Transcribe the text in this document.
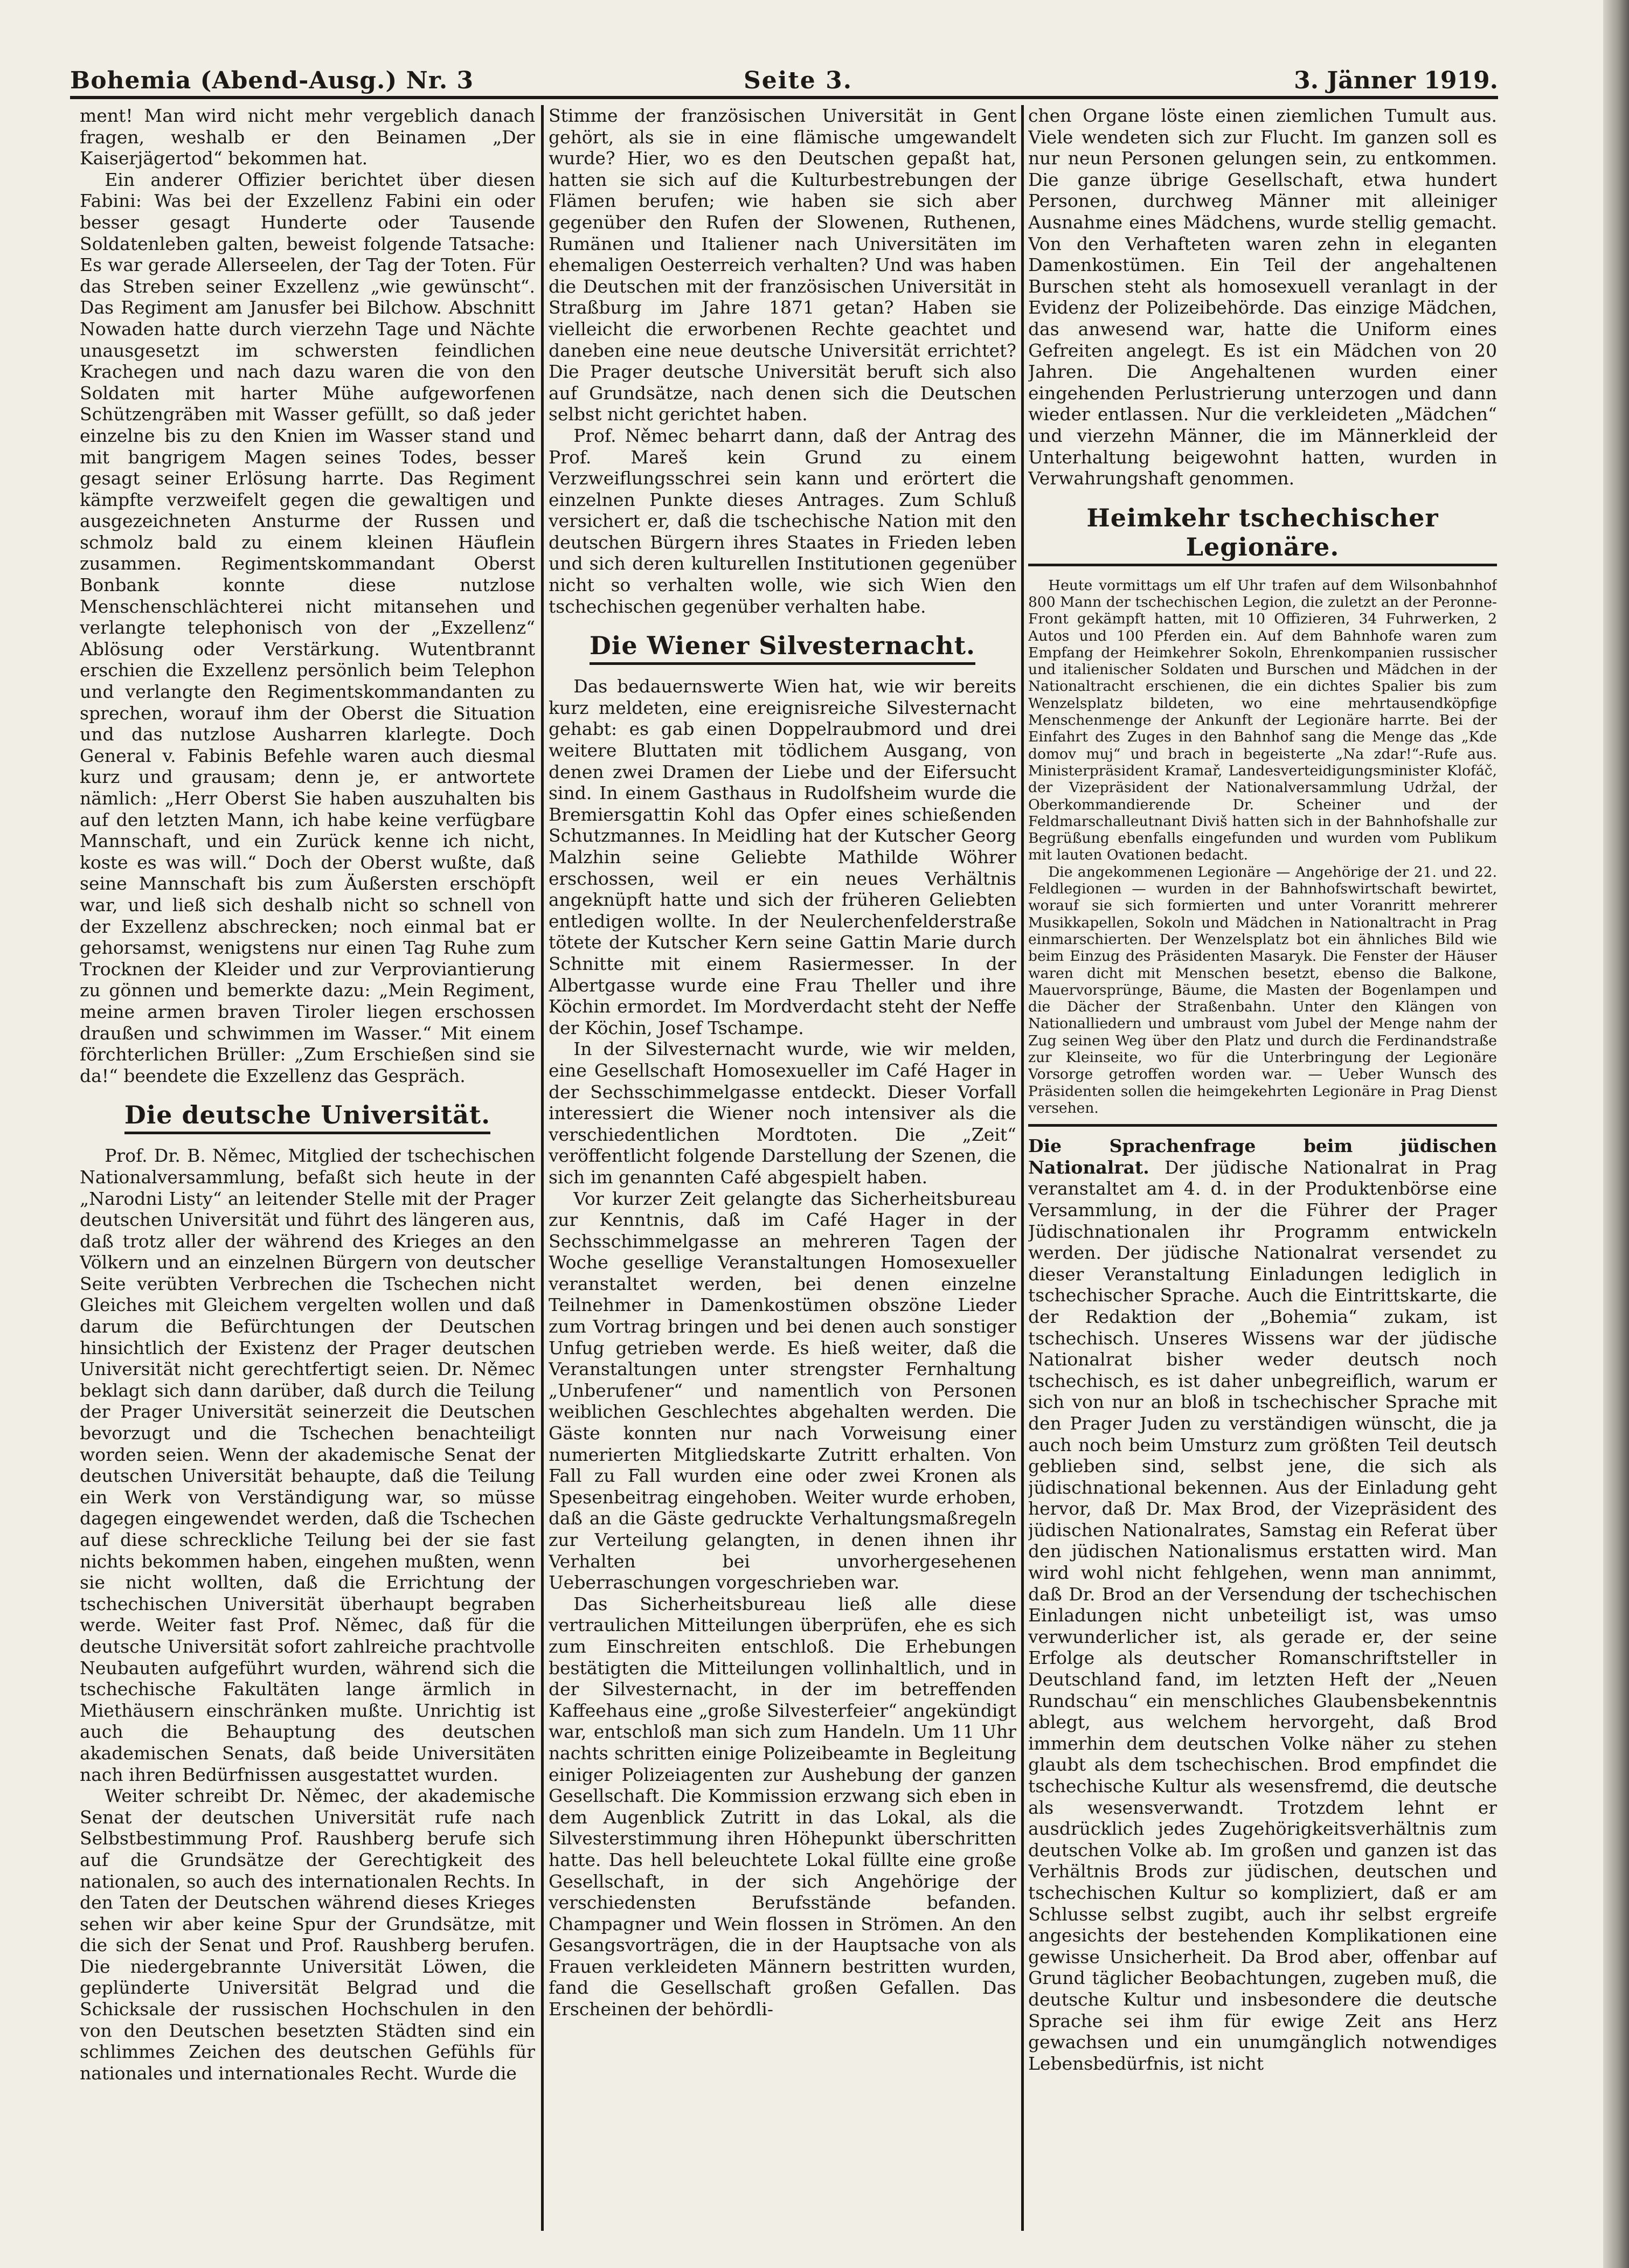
Bohemia (Abend-Ausg.) Nr. 3	Seite 3.	3. Jänner 1919.

ment! Man wird nicht mehr vergeblich danach fragen, weshalb er den Beinamen „Der Kaiserjägertod“ bekommen hat.

Ein anderer Offizier berichtet über diesen Fabini: Was bei der Exzellenz Fabini ein oder besser gesagt Hunderte oder Tausende Soldatenleben galten, beweist folgende Tatsache: Es war gerade Allerseelen, der Tag der Toten. Für das Streben seiner Exzellenz „wie gewünscht“. Das Regiment am Janusfer bei Bilchow. Abschnitt Nowaden hatte durch vierzehn Tage und Nächte unausgesetzt im schwersten feindlichen Krachegen und nach dazu waren die von den Soldaten mit harter Mühe aufgeworfenen Schützengräben mit Wasser gefüllt, so daß jeder einzelne bis zu den Knien im Wasser stand und mit bangrigem Magen seines Todes, besser gesagt seiner Erlösung harrte. Das Regiment kämpfte verzweifelt gegen die gewaltigen und ausgezeichneten Ansturme der Russen und schmolz bald zu einem kleinen Häuflein zusammen. Regimentskommandant Oberst Bonbank konnte diese nutzlose Menschenschlächterei nicht mitansehen und verlangte telephonisch von der „Exzellenz“ Ablösung oder Verstärkung. Wutentbrannt erschien die Exzellenz persönlich beim Telephon und verlangte den Regimentskommandanten zu sprechen, worauf ihm der Oberst die Situation und das nutzlose Ausharren klarlegte. Doch General v. Fabinis Befehle waren auch diesmal kurz und grausam; denn je, er antwortete nämlich: „Herr Oberst Sie haben auszuhalten bis auf den letzten Mann, ich habe keine verfügbare Mannschaft, und ein Zurück kenne ich nicht, koste es was will.“ Doch der Oberst wußte, daß seine Mannschaft bis zum Äußersten erschöpft war, und ließ sich deshalb nicht so schnell von der Exzellenz abschrecken; noch einmal bat er gehorsamst, wenigstens nur einen Tag Ruhe zum Trocknen der Kleider und zur Verproviantierung zu gönnen und bemerkte dazu: „Mein Regiment, meine armen braven Tiroler liegen erschossen draußen und schwimmen im Wasser.“ Mit einem förchterlichen Brüller: „Zum Erschießen sind sie da!“ beendete die Exzellenz das Gespräch.

Die deutsche Universität.

Prof. Dr. B. Němec, Mitglied der tschechischen Nationalversammlung, befaßt sich heute in der „Narodni Listy“ an leitender Stelle mit der Prager deutschen Universität und führt des längeren aus, daß trotz aller der während des Krieges an den Völkern und an einzelnen Bürgern von deutscher Seite verübten Verbrechen die Tschechen nicht Gleiches mit Gleichem vergelten wollen und daß darum die Befürchtungen der Deutschen hinsichtlich der Existenz der Prager deutschen Universität nicht gerechtfertigt seien. Dr. Němec beklagt sich dann darüber, daß durch die Teilung der Prager Universität seinerzeit die Deutschen bevorzugt und die Tschechen benachteiligt worden seien. Wenn der akademische Senat der deutschen Universität behaupte, daß die Teilung ein Werk von Verständigung war, so müsse dagegen eingewendet werden, daß die Tschechen auf diese schreckliche Teilung bei der sie fast nichts bekommen haben, eingehen mußten, wenn sie nicht wollten, daß die Errichtung der tschechischen Universität überhaupt begraben werde. Weiter fast Prof. Němec, daß für die deutsche Universität sofort zahlreiche prachtvolle Neubauten aufgeführt wurden, während sich die tschechische Fakultäten lange ärmlich in Miethäusern einschränken mußte. Unrichtig ist auch die Behauptung des deutschen akademischen Senats, daß beide Universitäten nach ihren Bedürfnissen ausgestattet wurden.

Weiter schreibt Dr. Němec, der akademische Senat der deutschen Universität rufe nach Selbstbestimmung Prof. Raushberg berufe sich auf die Grundsätze der Gerechtigkeit des nationalen, so auch des internationalen Rechts. In den Taten der Deutschen während dieses Krieges sehen wir aber keine Spur der Grundsätze, mit die sich der Senat und Prof. Raushberg berufen. Die niedergebrannte Universität Löwen, die geplünderte Universität Belgrad und die Schicksale der russischen Hochschulen in den von den Deutschen besetzten Städten sind ein schlimmes Zeichen des deutschen Gefühls für nationales und internationales Recht. Wurde die

Stimme der französischen Universität in Gent gehört, als sie in eine flämische umgewandelt wurde? Hier, wo es den Deutschen gepaßt hat, hatten sie sich auf die Kulturbestrebungen der Flämen berufen; wie haben sie sich aber gegenüber den Rufen der Slowenen, Ruthenen, Rumänen und Italiener nach Universitäten im ehemaligen Oesterreich verhalten? Und was haben die Deutschen mit der französischen Universität in Straßburg im Jahre 1871 getan? Haben sie vielleicht die erworbenen Rechte geachtet und daneben eine neue deutsche Universität errichtet? Die Prager deutsche Universität beruft sich also auf Grundsätze, nach denen sich die Deutschen selbst nicht gerichtet haben.

Prof. Němec beharrt dann, daß der Antrag des Prof. Mareš kein Grund zu einem Verzweiflungsschrei sein kann und erörtert die einzelnen Punkte dieses Antrages. Zum Schluß versichert er, daß die tschechische Nation mit den deutschen Bürgern ihres Staates in Frieden leben und sich deren kulturellen Institutionen gegenüber nicht so verhalten wolle, wie sich Wien den tschechischen gegenüber verhalten habe.

Die Wiener Silvesternacht.

Das bedauernswerte Wien hat, wie wir bereits kurz meldeten, eine ereignisreiche Silvesternacht gehabt: es gab einen Doppelraubmord und drei weitere Bluttaten mit tödlichem Ausgang, von denen zwei Dramen der Liebe und der Eifersucht sind. In einem Gasthaus in Rudolfsheim wurde die Bremiersgattin Kohl das Opfer eines schießenden Schutzmannes. In Meidling hat der Kutscher Georg Malzhin seine Geliebte Mathilde Wöhrer erschossen, weil er ein neues Verhältnis angeknüpft hatte und sich der früheren Geliebten entledigen wollte. In der Neulerchenfelderstraße tötete der Kutscher Kern seine Gattin Marie durch Schnitte mit einem Rasiermesser. In der Albertgasse wurde eine Frau Theller und ihre Köchin ermordet. Im Mordverdacht steht der Neffe der Köchin, Josef Tschampe.

In der Silvesternacht wurde, wie wir melden, eine Gesellschaft Homosexueller im Café Hager in der Sechsschimmelgasse entdeckt. Dieser Vorfall interessiert die Wiener noch intensiver als die verschiedentlichen Mordtoten. Die „Zeit“ veröffentlicht folgende Darstellung der Szenen, die sich im genannten Café abgespielt haben.

Vor kurzer Zeit gelangte das Sicherheitsbureau zur Kenntnis, daß im Café Hager in der Sechsschimmelgasse an mehreren Tagen der Woche gesellige Veranstaltungen Homosexueller veranstaltet werden, bei denen einzelne Teilnehmer in Damenkostümen obszöne Lieder zum Vortrag bringen und bei denen auch sonstiger Unfug getrieben werde. Es hieß weiter, daß die Veranstaltungen unter strengster Fernhaltung „Unberufener“ und namentlich von Personen weiblichen Geschlechtes abgehalten werden. Die Gäste konnten nur nach Vorweisung einer numerierten Mitgliedskarte Zutritt erhalten. Von Fall zu Fall wurden eine oder zwei Kronen als Spesenbeitrag eingehoben. Weiter wurde erhoben, daß an die Gäste gedruckte Verhaltungsmaßregeln zur Verteilung gelangten, in denen ihnen ihr Verhalten bei unvorhergesehenen Ueberraschungen vorgeschrieben war.

Das Sicherheitsbureau ließ alle diese vertraulichen Mitteilungen überprüfen, ehe es sich zum Einschreiten entschloß. Die Erhebungen bestätigten die Mitteilungen vollinhaltlich, und in der Silvesternacht, in der im betreffenden Kaffeehaus eine „große Silvesterfeier“ angekündigt war, entschloß man sich zum Handeln. Um 11 Uhr nachts schritten einige Polizeibeamte in Begleitung einiger Polizeiagenten zur Aushebung der ganzen Gesellschaft. Die Kommission erzwang sich eben in dem Augenblick Zutritt in das Lokal, als die Silvesterstimmung ihren Höhepunkt überschritten hatte. Das hell beleuchtete Lokal füllte eine große Gesellschaft, in der sich Angehörige der verschiedensten Berufsstände befanden. Champagner und Wein flossen in Strömen. An den Gesangsvorträgen, die in der Hauptsache von als Frauen verkleideten Männern bestritten wurden, fand die Gesellschaft großen Gefallen. Das Erscheinen der behördli-

chen Organe löste einen ziemlichen Tumult aus. Viele wendeten sich zur Flucht. Im ganzen soll es nur neun Personen gelungen sein, zu entkommen. Die ganze übrige Gesellschaft, etwa hundert Personen, durchweg Männer mit alleiniger Ausnahme eines Mädchens, wurde stellig gemacht. Von den Verhafteten waren zehn in eleganten Damenkostümen. Ein Teil der angehaltenen Burschen steht als homosexuell veranlagt in der Evidenz der Polizeibehörde. Das einzige Mädchen, das anwesend war, hatte die Uniform eines Gefreiten angelegt. Es ist ein Mädchen von 20 Jahren. Die Angehaltenen wurden einer eingehenden Perlustrierung unterzogen und dann wieder entlassen. Nur die verkleideten „Mädchen“ und vierzehn Männer, die im Männerkleid der Unterhaltung beigewohnt hatten, wurden in Verwahrungshaft genommen.

Heimkehr tschechischer Legionäre.

Heute vormittags um elf Uhr trafen auf dem Wilsonbahnhof 800 Mann der tschechischen Legion, die zuletzt an der Peronne-Front gekämpft hatten, mit 10 Offizieren, 34 Fuhrwerken, 2 Autos und 100 Pferden ein. Auf dem Bahnhofe waren zum Empfang der Heimkehrer Sokoln, Ehrenkompanien russischer und italienischer Soldaten und Burschen und Mädchen in der Nationaltracht erschienen, die ein dichtes Spalier bis zum Wenzelsplatz bildeten, wo eine mehrtausendköpfige Menschenmenge der Ankunft der Legionäre harrte. Bei der Einfahrt des Zuges in den Bahnhof sang die Menge das „Kde domov muj“ und brach in begeisterte „Na zdar!“-Rufe aus. Ministerpräsident Kramař, Landesverteidigungsminister Klofáč, der Vizepräsident der Nationalversammlung Udržal, der Oberkommandierende Dr. Scheiner und der Feldmarschalleutnant Diviš hatten sich in der Bahnhofshalle zur Begrüßung ebenfalls eingefunden und wurden vom Publikum mit lauten Ovationen bedacht.

Die angekommenen Legionäre — Angehörige der 21. und 22. Feldlegionen — wurden in der Bahnhofswirtschaft bewirtet, worauf sie sich formierten und unter Voranritt mehrerer Musikkapellen, Sokoln und Mädchen in Nationaltracht in Prag einmarschierten. Der Wenzelsplatz bot ein ähnliches Bild wie beim Einzug des Präsidenten Masaryk. Die Fenster der Häuser waren dicht mit Menschen besetzt, ebenso die Balkone, Mauervorsprünge, Bäume, die Masten der Bogenlampen und die Dächer der Straßenbahn. Unter den Klängen von Nationalliedern und umbraust vom Jubel der Menge nahm der Zug seinen Weg über den Platz und durch die Ferdinandstraße zur Kleinseite, wo für die Unterbringung der Legionäre Vorsorge getroffen worden war. — Ueber Wunsch des Präsidenten sollen die heimgekehrten Legionäre in Prag Dienst versehen.

Die Sprachenfrage beim jüdischen Nationalrat. Der jüdische Nationalrat in Prag veranstaltet am 4. d. in der Produktenbörse eine Versammlung, in der die Führer der Prager Jüdischnationalen ihr Programm entwickeln werden. Der jüdische Nationalrat versendet zu dieser Veranstaltung Einladungen lediglich in tschechischer Sprache. Auch die Eintrittskarte, die der Redaktion der „Bohemia“ zukam, ist tschechisch. Unseres Wissens war der jüdische Nationalrat bisher weder deutsch noch tschechisch, es ist daher unbegreiflich, warum er sich von nur an bloß in tschechischer Sprache mit den Prager Juden zu verständigen wünscht, die ja auch noch beim Umsturz zum größten Teil deutsch geblieben sind, selbst jene, die sich als jüdischnational bekennen. Aus der Einladung geht hervor, daß Dr. Max Brod, der Vizepräsident des jüdischen Nationalrates, Samstag ein Referat über den jüdischen Nationalismus erstatten wird. Man wird wohl nicht fehlgehen, wenn man annimmt, daß Dr. Brod an der Versendung der tschechischen Einladungen nicht unbeteiligt ist, was umso verwunderlicher ist, als gerade er, der seine Erfolge als deutscher Romanschriftsteller in Deutschland fand, im letzten Heft der „Neuen Rundschau“ ein menschliches Glaubensbekenntnis ablegt, aus welchem hervorgeht, daß Brod immerhin dem deutschen Volke näher zu stehen glaubt als dem tschechischen. Brod empfindet die tschechische Kultur als wesensfremd, die deutsche als wesensverwandt. Trotzdem lehnt er ausdrücklich jedes Zugehörigkeitsverhältnis zum deutschen Volke ab. Im großen und ganzen ist das Verhältnis Brods zur jüdischen, deutschen und tschechischen Kultur so kompliziert, daß er am Schlusse selbst zugibt, auch ihr selbst ergreife angesichts der bestehenden Komplikationen eine gewisse Unsicherheit. Da Brod aber, offenbar auf Grund täglicher Beobachtungen, zugeben muß, die deutsche Kultur und insbesondere die deutsche Sprache sei ihm für ewige Zeit ans Herz gewachsen und ein unumgänglich notwendiges Lebensbedürfnis, ist nicht
